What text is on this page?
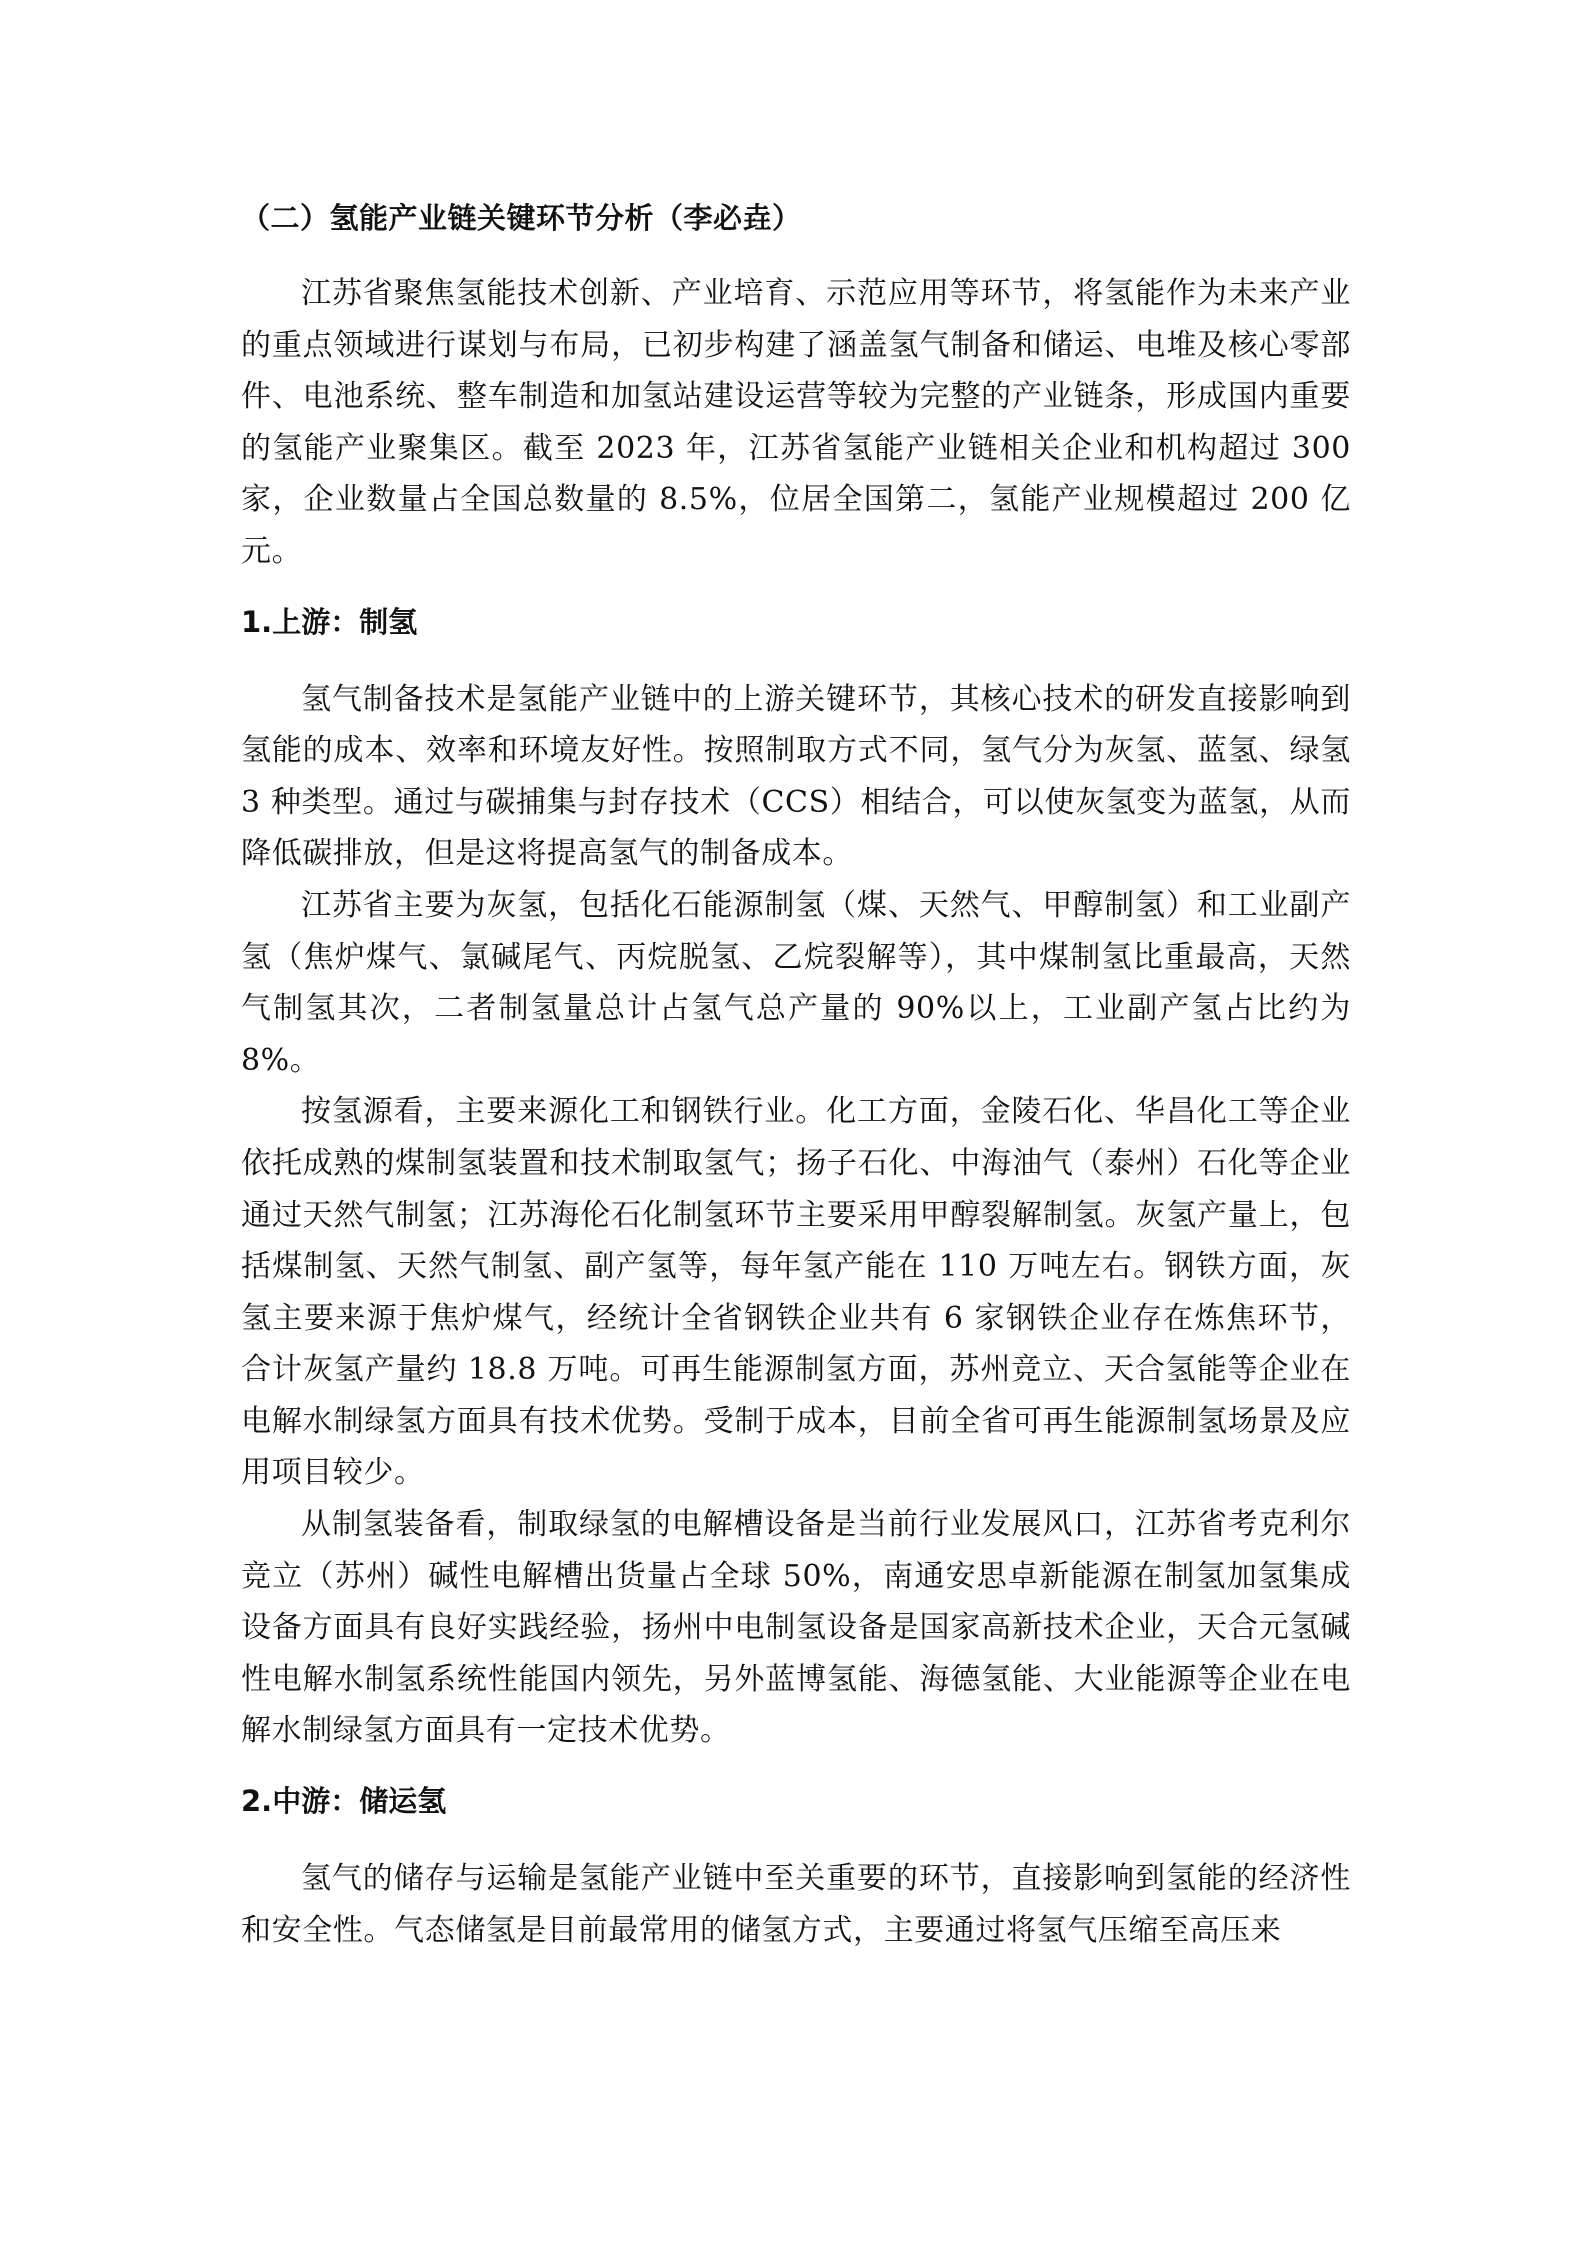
（二）氢能产业链关键环节分析（李必垚）

江苏省聚焦氢能技术创新、产业培育、示范应用等环节，将氢能作为未来产业的重点领域进行谋划与布局，已初步构建了涵盖氢气制备和储运、电堆及核心零部件、电池系统、整车制造和加氢站建设运营等较为完整的产业链条，形成国内重要的氢能产业聚集区。截至 2023 年，江苏省氢能产业链相关企业和机构超过 300 家，企业数量占全国总数量的 8.5%，位居全国第二，氢能产业规模超过 200 亿元。

1.上游：制氢

氢气制备技术是氢能产业链中的上游关键环节，其核心技术的研发直接影响到氢能的成本、效率和环境友好性。按照制取方式不同，氢气分为灰氢、蓝氢、绿氢 3 种类型。通过与碳捕集与封存技术（CCS）相结合，可以使灰氢变为蓝氢，从而降低碳排放，但是这将提高氢气的制备成本。

江苏省主要为灰氢，包括化石能源制氢（煤、天然气、甲醇制氢）和工业副产氢（焦炉煤气、氯碱尾气、丙烷脱氢、乙烷裂解等），其中煤制氢比重最高，天然气制氢其次，二者制氢量总计占氢气总产量的 90%以上，工业副产氢占比约为 8%。

按氢源看，主要来源化工和钢铁行业。化工方面，金陵石化、华昌化工等企业依托成熟的煤制氢装置和技术制取氢气；扬子石化、中海油气（泰州）石化等企业通过天然气制氢；江苏海伦石化制氢环节主要采用甲醇裂解制氢。灰氢产量上，包括煤制氢、天然气制氢、副产氢等，每年氢产能在 110 万吨左右。钢铁方面，灰氢主要来源于焦炉煤气，经统计全省钢铁企业共有 6 家钢铁企业存在炼焦环节，合计灰氢产量约 18.8 万吨。可再生能源制氢方面，苏州竞立、天合氢能等企业在电解水制绿氢方面具有技术优势。受制于成本，目前全省可再生能源制氢场景及应用项目较少。

从制氢装备看，制取绿氢的电解槽设备是当前行业发展风口，江苏省考克利尔竞立（苏州）碱性电解槽出货量占全球 50%，南通安思卓新能源在制氢加氢集成设备方面具有良好实践经验，扬州中电制氢设备是国家高新技术企业，天合元氢碱性电解水制氢系统性能国内领先，另外蓝博氢能、海德氢能、大业能源等企业在电解水制绿氢方面具有一定技术优势。

2.中游：储运氢

氢气的储存与运输是氢能产业链中至关重要的环节，直接影响到氢能的经济性和安全性。气态储氢是目前最常用的储氢方式，主要通过将氢气压缩至高压来
